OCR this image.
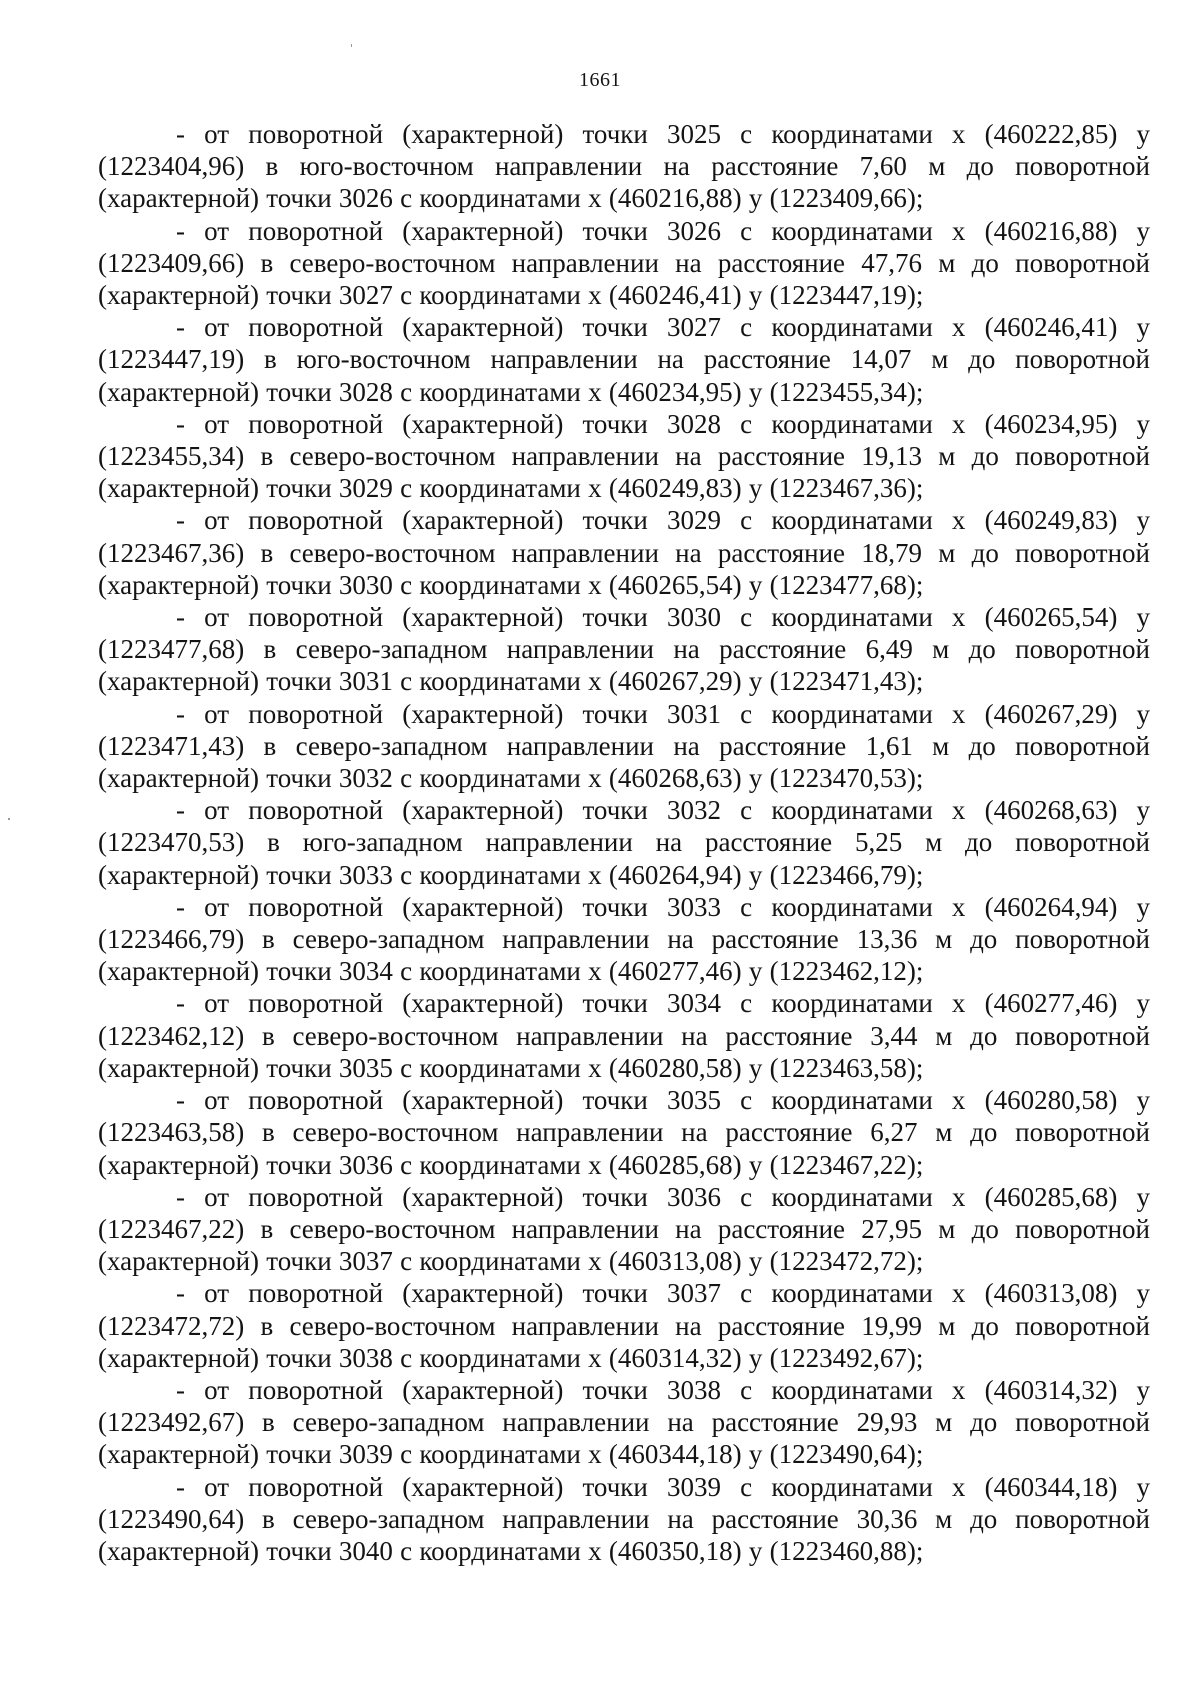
1661

- от поворотной (характерной) точки 3025 с координатами x (460222,85) y (1223404,96) в юго-восточном направлении на расстояние 7,60 м до поворотной (характерной) точки 3026 с координатами x (460216,88) y (1223409,66);

- от поворотной (характерной) точки 3026 с координатами x (460216,88) y (1223409,66) в северо-восточном направлении на расстояние 47,76 м до поворотной (характерной) точки 3027 с координатами x (460246,41) y (1223447,19);

- от поворотной (характерной) точки 3027 с координатами x (460246,41) y (1223447,19) в юго-восточном направлении на расстояние 14,07 м до поворотной (характерной) точки 3028 с координатами x (460234,95) y (1223455,34);

- от поворотной (характерной) точки 3028 с координатами x (460234,95) y (1223455,34) в северо-восточном направлении на расстояние 19,13 м до поворотной (характерной) точки 3029 с координатами x (460249,83) y (1223467,36);

- от поворотной (характерной) точки 3029 с координатами x (460249,83) y (1223467,36) в северо-восточном направлении на расстояние 18,79 м до поворотной (характерной) точки 3030 с координатами x (460265,54) y (1223477,68);

- от поворотной (характерной) точки 3030 с координатами x (460265,54) y (1223477,68) в северо-западном направлении на расстояние 6,49 м до поворотной (характерной) точки 3031 с координатами x (460267,29) y (1223471,43);

- от поворотной (характерной) точки 3031 с координатами x (460267,29) y (1223471,43) в северо-западном направлении на расстояние 1,61 м до поворотной (характерной) точки 3032 с координатами x (460268,63) y (1223470,53);

- от поворотной (характерной) точки 3032 с координатами x (460268,63) y (1223470,53) в юго-западном направлении на расстояние 5,25 м до поворотной (характерной) точки 3033 с координатами x (460264,94) y (1223466,79);

- от поворотной (характерной) точки 3033 с координатами x (460264,94) y (1223466,79) в северо-западном направлении на расстояние 13,36 м до поворотной (характерной) точки 3034 с координатами x (460277,46) y (1223462,12);

- от поворотной (характерной) точки 3034 с координатами x (460277,46) y (1223462,12) в северо-восточном направлении на расстояние 3,44 м до поворотной (характерной) точки 3035 с координатами x (460280,58) y (1223463,58);

- от поворотной (характерной) точки 3035 с координатами x (460280,58) y (1223463,58) в северо-восточном направлении на расстояние 6,27 м до поворотной (характерной) точки 3036 с координатами x (460285,68) y (1223467,22);

- от поворотной (характерной) точки 3036 с координатами x (460285,68) y (1223467,22) в северо-восточном направлении на расстояние 27,95 м до поворотной (характерной) точки 3037 с координатами x (460313,08) y (1223472,72);

- от поворотной (характерной) точки 3037 с координатами x (460313,08) y (1223472,72) в северо-восточном направлении на расстояние 19,99 м до поворотной (характерной) точки 3038 с координатами x (460314,32) y (1223492,67);

- от поворотной (характерной) точки 3038 с координатами x (460314,32) y (1223492,67) в северо-западном направлении на расстояние 29,93 м до поворотной (характерной) точки 3039 с координатами x (460344,18) y (1223490,64);

- от поворотной (характерной) точки 3039 с координатами x (460344,18) y (1223490,64) в северо-западном направлении на расстояние 30,36 м до поворотной (характерной) точки 3040 с координатами x (460350,18) y (1223460,88);
